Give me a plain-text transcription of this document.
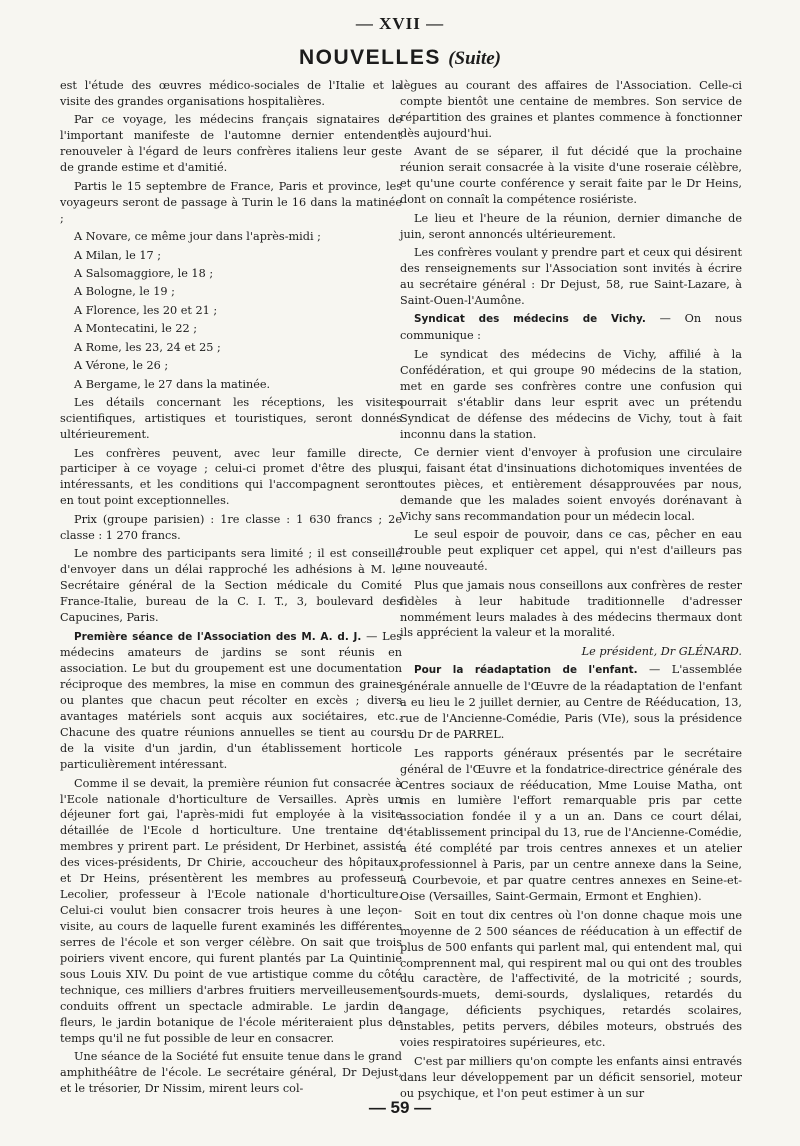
— XVII —
NOUVELLES (Suite)

est l'étude des œuvres médico-sociales de l'Italie et la visite des grandes organisations hospitalières.

Par ce voyage, les médecins français signataires de l'important manifeste de l'automne dernier entendent renouveler à l'égard de leurs confrères italiens leur geste de grande estime et d'amitié.

Partis le 15 septembre de France, Paris et province, les voyageurs seront de passage à Turin le 16 dans la matinée ;

A Novare, ce même jour dans l'après-midi ;

A Milan, le 17 ;

A Salsomaggiore, le 18 ;

A Bologne, le 19 ;

A Florence, les 20 et 21 ;

A Montecatini, le 22 ;

A Rome, les 23, 24 et 25 ;

A Vérone, le 26 ;

A Bergame, le 27 dans la matinée.

Les détails concernant les réceptions, les visites scientifiques, artistiques et touristiques, seront donnés ultérieurement.

Les confrères peuvent, avec leur famille directe, participer à ce voyage ; celui-ci promet d'être des plus intéressants, et les conditions qui l'accompagnent seront en tout point exceptionnelles.

Prix (groupe parisien) : 1re classe : 1 630 francs ; 2e classe : 1 270 francs.

Le nombre des participants sera limité ; il est conseillé d'envoyer dans un délai rapproché les adhésions à M. le Secrétaire général de la Section médicale du Comité France-Italie, bureau de la C. I. T., 3, boulevard des Capucines, Paris.

Première séance de l'Association des M. A. d. J. — Les médecins amateurs de jardins se sont réunis en association. Le but du groupement est une documentation réciproque des membres, la mise en commun des graines ou plantes que chacun peut récolter en excès ; divers avantages matériels sont acquis aux sociétaires, etc.. Chacune des quatre réunions annuelles se tient au cours de la visite d'un jardin, d'un établissement horticole particulièrement intéressant.

Comme il se devait, la première réunion fut consacrée à l'Ecole nationale d'horticulture de Versailles. Après un déjeuner fort gai, l'après-midi fut employée à la visite détaillée de l'Ecole d horticulture. Une trentaine de membres y prirent part. Le président, Dr Herbinet, assisté des vices-présidents, Dr Chirie, accoucheur des hôpitaux, et Dr Heins, présentèrent les membres au professeur Lecolier, professeur à l'Ecole nationale d'horticulture. Celui-ci voulut bien consacrer trois heures à une leçon-visite, au cours de laquelle furent examinés les différentes serres de l'école et son verger célèbre. On sait que trois poiriers vivent encore, qui furent plantés par La Quintinie sous Louis XIV. Du point de vue artistique comme du côté technique, ces milliers d'arbres fruitiers merveilleusement conduits offrent un spectacle admirable. Le jardin de fleurs, le jardin botanique de l'école mériteraient plus de temps qu'il ne fut possible de leur en consacrer.

Une séance de la Société fut ensuite tenue dans le grand amphithéâtre de l'école. Le secrétaire général, Dr Dejust, et le trésorier, Dr Nissim, mirent leurs col-

lègues au courant des affaires de l'Association. Celle-ci compte bientôt une centaine de membres. Son service de répartition des graines et plantes commence à fonctionner dès aujourd'hui.

Avant de se séparer, il fut décidé que la prochaine réunion serait consacrée à la visite d'une roseraie célèbre, et qu'une courte conférence y serait faite par le Dr Heins, dont on connaît la compétence rosiériste.

Le lieu et l'heure de la réunion, dernier dimanche de juin, seront annoncés ultérieurement.

Les confrères voulant y prendre part et ceux qui désirent des renseignements sur l'Association sont invités à écrire au secrétaire général : Dr Dejust, 58, rue Saint-Lazare, à Saint-Ouen-l'Aumône.

Syndicat des médecins de Vichy. — On nous communique :

Le syndicat des médecins de Vichy, affilié à la Confédération, et qui groupe 90 médecins de la station, met en garde ses confrères contre une confusion qui pourrait s'établir dans leur esprit avec un prétendu Syndicat de défense des médecins de Vichy, tout à fait inconnu dans la station.

Ce dernier vient d'envoyer à profusion une circulaire qui, faisant état d'insinuations dichotomiques inventées de toutes pièces, et entièrement désapprouvées par nous, demande que les malades soient envoyés dorénavant à Vichy sans recommandation pour un médecin local.

Le seul espoir de pouvoir, dans ce cas, pêcher en eau trouble peut expliquer cet appel, qui n'est d'ailleurs pas une nouveauté.

Plus que jamais nous conseillons aux confrères de rester fidèles à leur habitude traditionnelle d'adresser nommément leurs malades à des médecins thermaux dont ils apprécient la valeur et la moralité.

Le président, Dr GLÉNARD.

Pour la réadaptation de l'enfant. — L'assemblée générale annuelle de l'Œuvre de la réadaptation de l'enfant a eu lieu le 2 juillet dernier, au Centre de Rééducation, 13, rue de l'Ancienne-Comédie, Paris (VIe), sous la présidence du Dr de PARREL.

Les rapports généraux présentés par le secrétaire général de l'Œuvre et la fondatrice-directrice générale des Centres sociaux de rééducation, Mme Louise Matha, ont mis en lumière l'effort remarquable pris par cette association fondée il y a un an. Dans ce court délai, l'établissement principal du 13, rue de l'Ancienne-Comédie, a été complété par trois centres annexes et un atelier professionnel à Paris, par un centre annexe dans la Seine, à Courbevoie, et par quatre centres annexes en Seine-et-Oise (Versailles, Saint-Germain, Ermont et Enghien).

Soit en tout dix centres où l'on donne chaque mois une moyenne de 2 500 séances de rééducation à un effectif de plus de 500 enfants qui parlent mal, qui entendent mal, qui comprennent mal, qui respirent mal ou qui ont des troubles du caractère, de l'affectivité, de la motricité ; sourds, sourds-muets, demi-sourds, dyslaliques, retardés du langage, déficients psychiques, retardés scolaires, instables, petits pervers, débiles moteurs, obstrués des voies respiratoires supérieures, etc.

C'est par milliers qu'on compte les enfants ainsi entravés dans leur développement par un déficit sensoriel, moteur ou psychique, et l'on peut estimer à un sur

— 59 —
